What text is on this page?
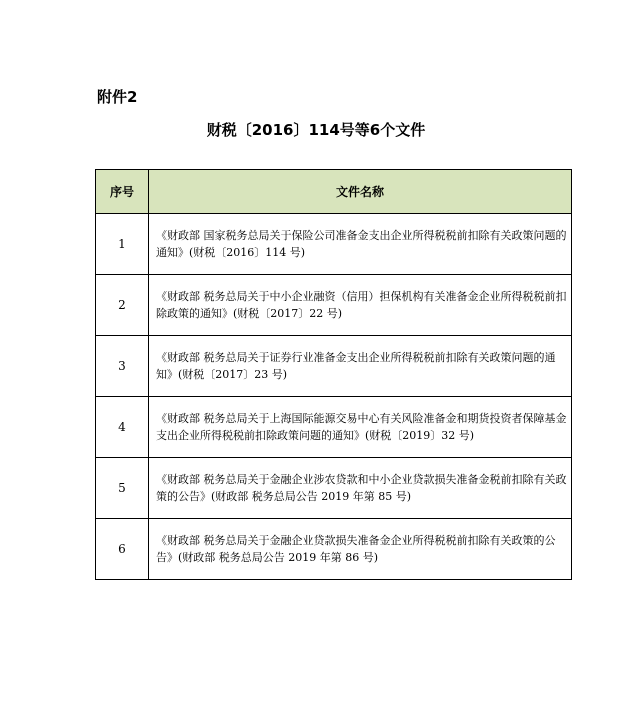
附件2
财税〔2016〕114号等6个文件
序号	文件名称
1	《财政部 国家税务总局关于保险公司准备金支出企业所得税税前扣除有关政策问题的通知》(财税〔2016〕114 号)
2	《财政部 税务总局关于中小企业融资（信用）担保机构有关准备金企业所得税税前扣除政策的通知》(财税〔2017〕22 号)
3	《财政部 税务总局关于证券行业准备金支出企业所得税税前扣除有关政策问题的通知》(财税〔2017〕23 号)
4	《财政部 税务总局关于上海国际能源交易中心有关风险准备金和期货投资者保障基金支出企业所得税税前扣除政策问题的通知》(财税〔2019〕32 号)
5	《财政部 税务总局关于金融企业涉农贷款和中小企业贷款损失准备金税前扣除有关政策的公告》(财政部 税务总局公告 2019 年第 85 号)
6	《财政部 税务总局关于金融企业贷款损失准备金企业所得税税前扣除有关政策的公告》(财政部 税务总局公告 2019 年第 86 号)
